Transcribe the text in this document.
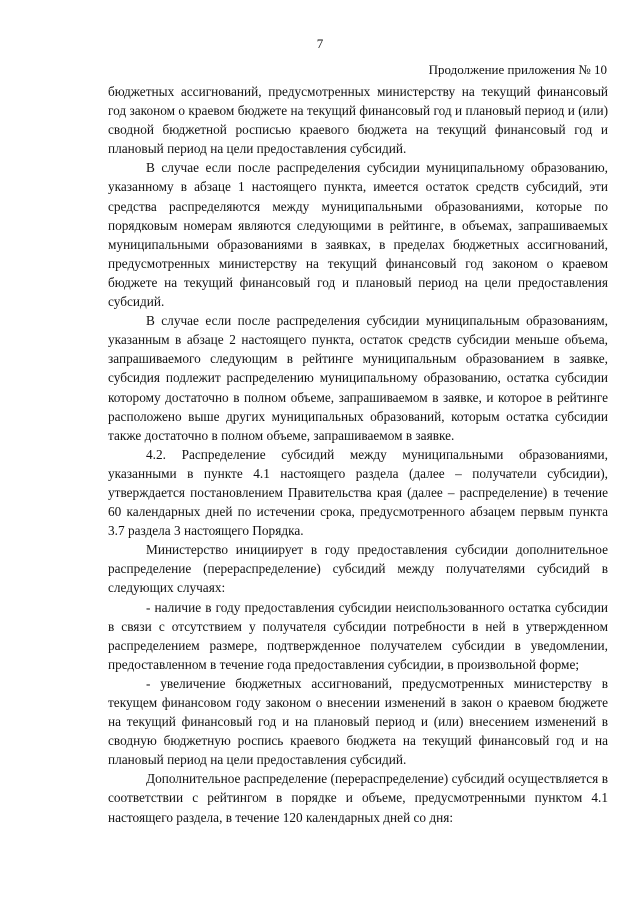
7
Продолжение приложения № 10

бюджетных ассигнований, предусмотренных министерству на текущий финансовый год законом о краевом бюджете на текущий финансовый год и плановый период и (или) сводной бюджетной росписью краевого бюджета на текущий финансовый год и плановый период на цели предоставления субсидий.

В случае если после распределения субсидии муниципальному образованию, указанному в абзаце 1 настоящего пункта, имеется остаток средств субсидий, эти средства распределяются между муниципальными образованиями, которые по порядковым номерам являются следующими в рейтинге, в объемах, запрашиваемых муниципальными образованиями в заявках, в пределах бюджетных ассигнований, предусмотренных министерству на текущий финансовый год законом о краевом бюджете на текущий финансовый год и плановый период на цели предоставления субсидий.

В случае если после распределения субсидии муниципальным образованиям, указанным в абзаце 2 настоящего пункта, остаток средств субсидии меньше объема, запрашиваемого следующим в рейтинге муниципальным образованием в заявке, субсидия подлежит распределению муниципальному образованию, остатка субсидии которому достаточно в полном объеме, запрашиваемом в заявке, и которое в рейтинге расположено выше других муниципальных образований, которым остатка субсидии также достаточно в полном объеме, запрашиваемом в заявке.

4.2. Распределение субсидий между муниципальными образованиями, указанными в пункте 4.1 настоящего раздела (далее – получатели субсидии), утверждается постановлением Правительства края (далее – распределение) в течение 60 календарных дней по истечении срока, предусмотренного абзацем первым пункта 3.7 раздела 3 настоящего Порядка.

Министерство инициирует в году предоставления субсидии дополнительное распределение (перераспределение) субсидий между получателями субсидий в следующих случаях:

- наличие в году предоставления субсидии неиспользованного остатка субсидии в связи с отсутствием у получателя субсидии потребности в ней в утвержденном распределением размере, подтвержденное получателем субсидии в уведомлении, предоставленном в течение года предоставления субсидии, в произвольной форме;

- увеличение бюджетных ассигнований, предусмотренных министерству в текущем финансовом году законом о внесении изменений в закон о краевом бюджете на текущий финансовый год и на плановый период и (или) внесением изменений в сводную бюджетную роспись краевого бюджета на текущий финансовый год и на плановый период на цели предоставления субсидий.

Дополнительное распределение (перераспределение) субсидий осуществляется в соответствии с рейтингом в порядке и объеме, предусмотренными пунктом 4.1 настоящего раздела, в течение 120 календарных дней со дня:
